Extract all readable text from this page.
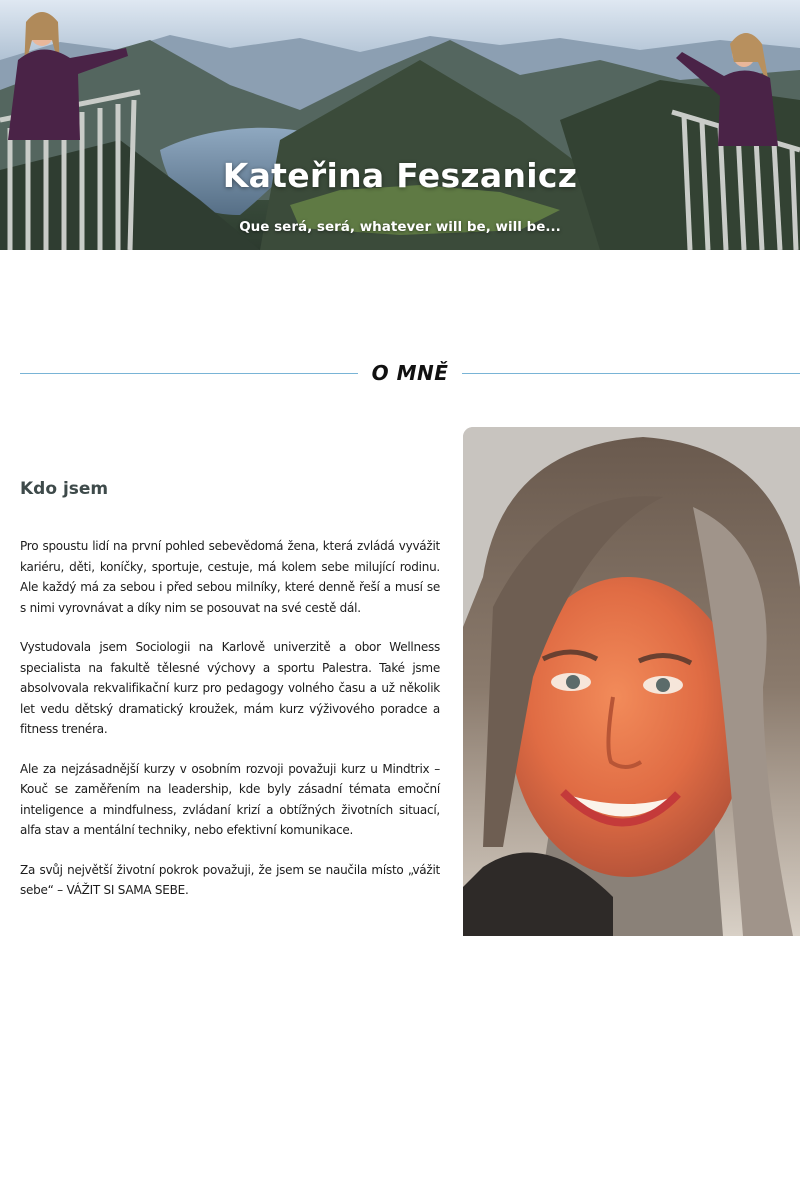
Kateřina Feszanicz
Que será, será, whatever will be, will be...
O MNĚ
Kdo jsem

Pro spoustu lidí na první pohled sebevědomá žena, která zvládá vyvážit kariéru, děti, koníčky, sportuje, cestuje, má kolem sebe milující rodinu. Ale každý má za sebou i před sebou milníky, které denně řeší a musí se s nimi vyrovnávat a díky nim se posouvat na své cestě dál.

Vystudovala jsem Sociologii na Karlově univerzitě a obor Wellness specialista na fakultě tělesné výchovy a sportu Palestra. Také jsme absolvovala rekvalifikační kurz pro pedagogy volného času a už několik let vedu dětský dramatický kroužek, mám kurz výživového poradce a fitness trenéra.

Ale za nejzásadnější kurzy v osobním rozvoji považuji kurz u Mindtrix – Kouč se zaměřením na leadership, kde byly zásadní témata emoční inteligence a mindfulness, zvládaní krizí a obtížných životních situací, alfa stav a mentální techniky, nebo efektivní komunikace.

Za svůj největší životní pokrok považuji, že jsem se naučila místo „vážit sebe“ – VÁŽIT SI SAMA SEBE.
